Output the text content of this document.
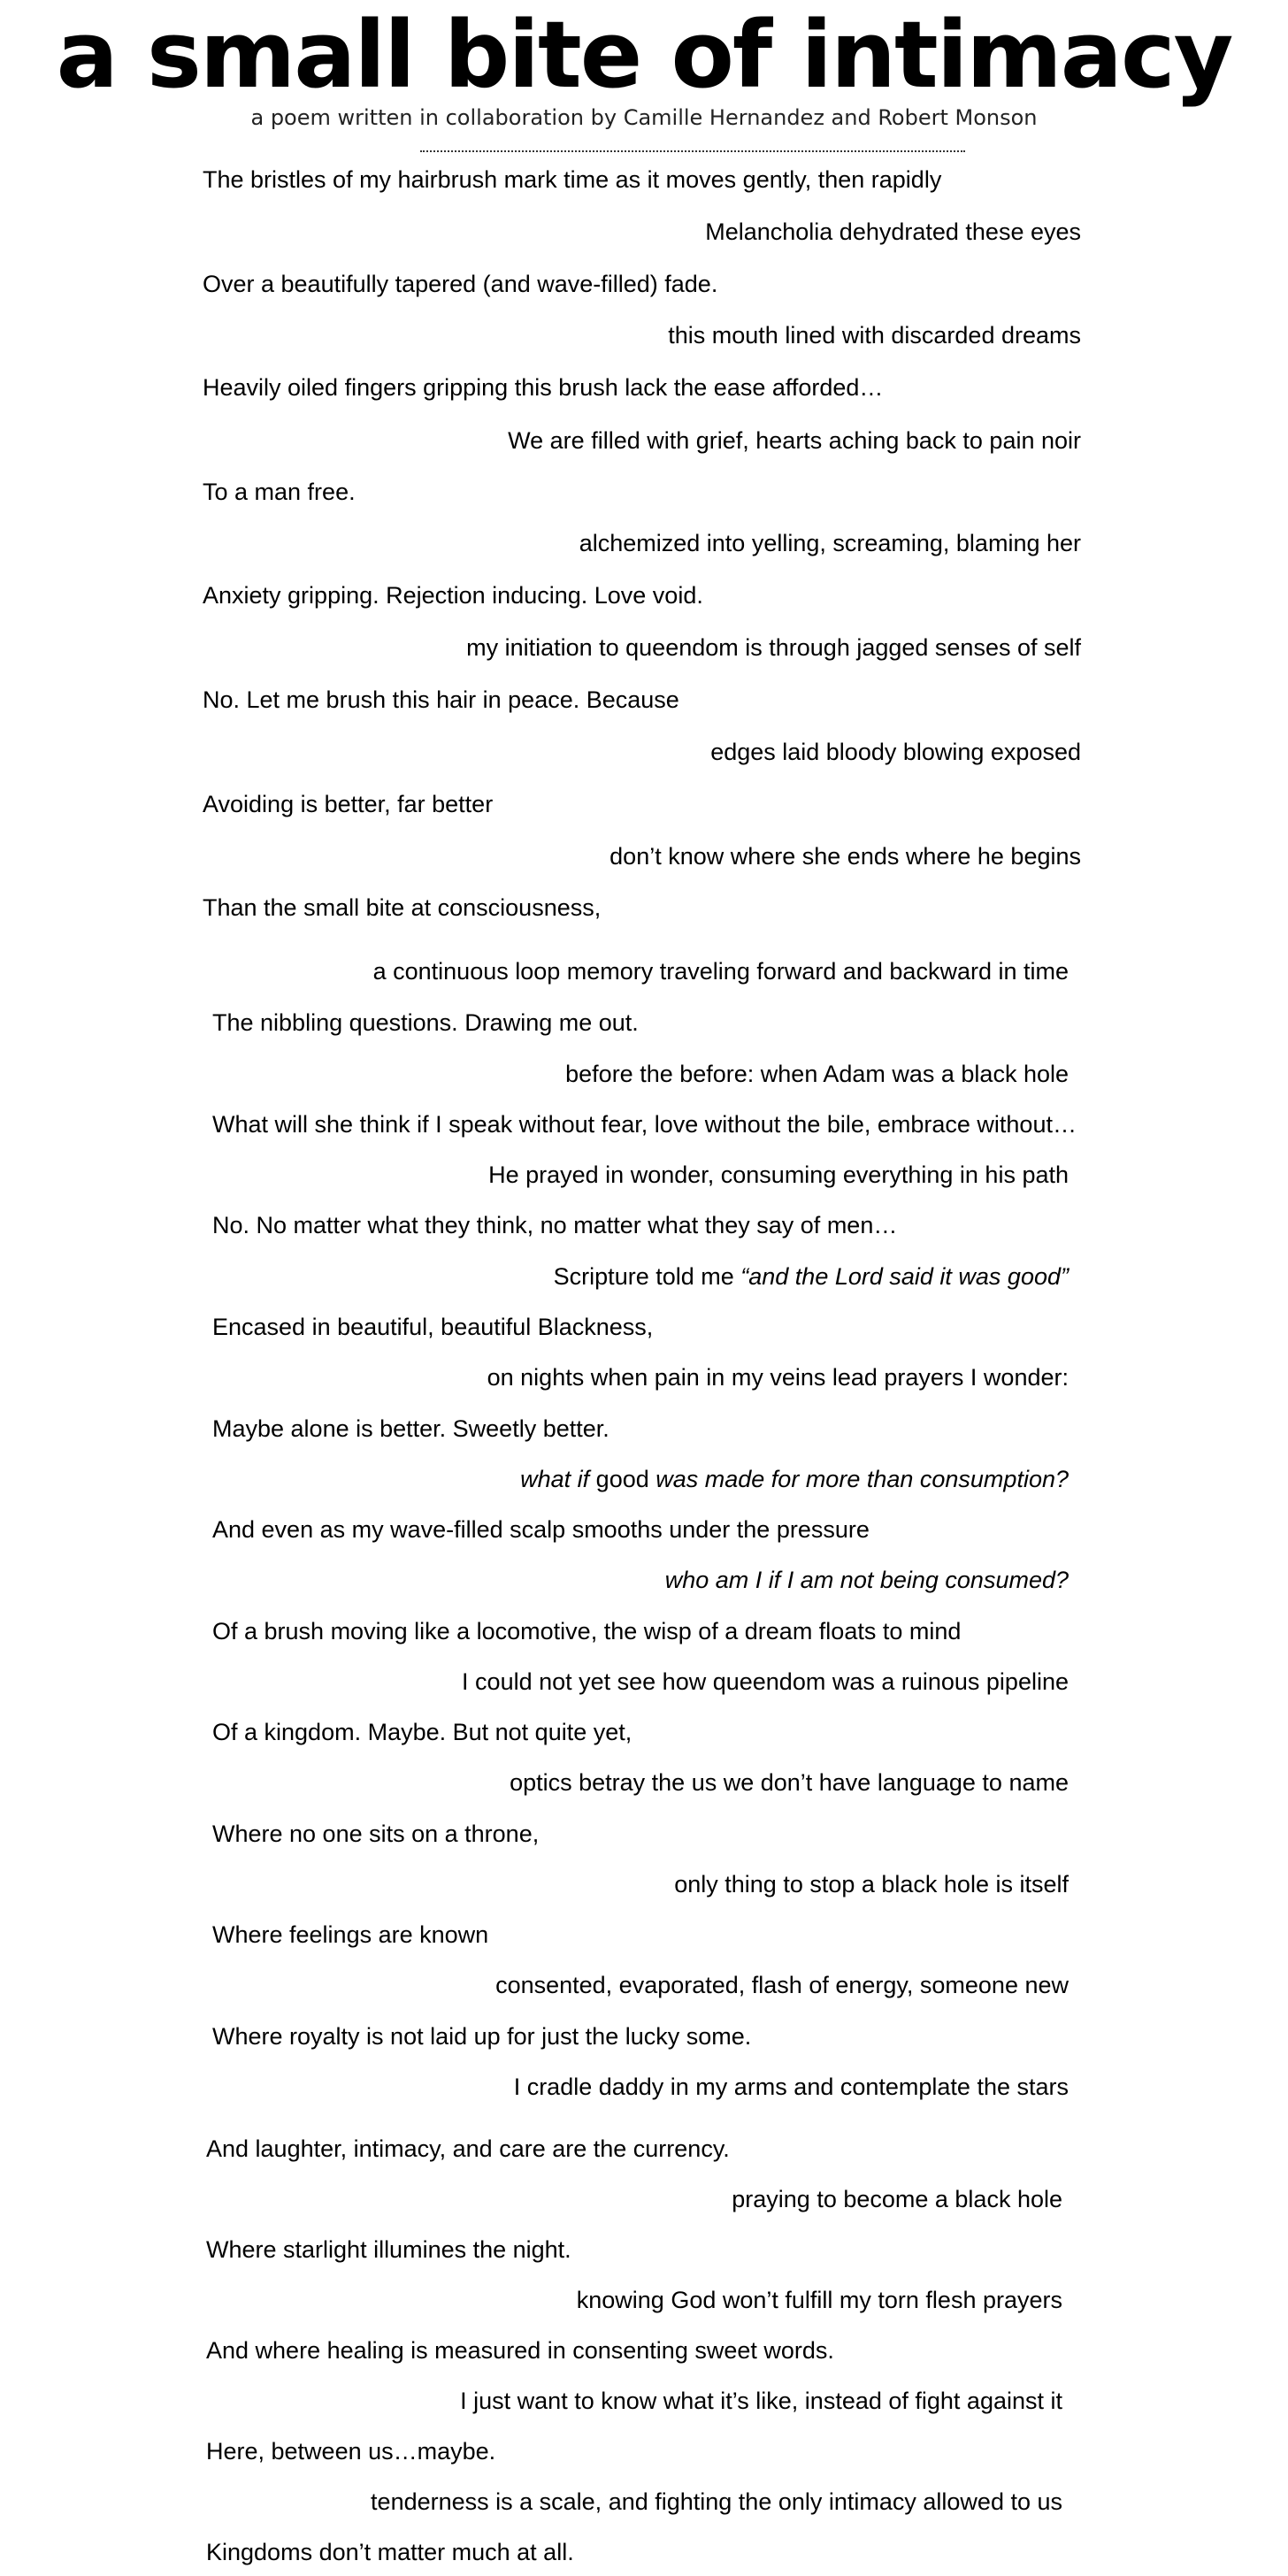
a small bite of intimacy
a poem written in collaboration by Camille Hernandez and Robert Monson
The bristles of my hairbrush mark time as it moves gently, then rapidly
Melancholia dehydrated these eyes
Over a beautifully tapered (and wave-filled) fade.
this mouth lined with discarded dreams
Heavily oiled fingers gripping this brush lack the ease afforded…
We are filled with grief, hearts aching back to pain noir
To a man free.
alchemized into yelling, screaming, blaming her
Anxiety gripping. Rejection inducing. Love void.
my initiation to queendom is through jagged senses of self
No. Let me brush this hair in peace. Because
edges laid bloody blowing exposed
Avoiding is better, far better
don’t know where she ends where he begins
Than the small bite at consciousness,
a continuous loop memory traveling forward and backward in time
The nibbling questions. Drawing me out.
before the before: when Adam was a black hole
What will she think if I speak without fear, love without the bile, embrace without…
He prayed in wonder, consuming everything in his path
No. No matter what they think, no matter what they say of men…
Scripture told me “and the Lord said it was good”
Encased in beautiful, beautiful Blackness,
on nights when pain in my veins lead prayers I wonder:
Maybe alone is better. Sweetly better.
what if good was made for more than consumption?
And even as my wave-filled scalp smooths under the pressure
who am I if I am not being consumed?
Of a brush moving like a locomotive, the wisp of a dream floats to mind
I could not yet see how queendom was a ruinous pipeline
Of a kingdom. Maybe. But not quite yet,
optics betray the us we don’t have language to name
Where no one sits on a throne,
only thing to stop a black hole is itself
Where feelings are known
consented, evaporated, flash of energy, someone new
Where royalty is not laid up for just the lucky some.
I cradle daddy in my arms and contemplate the stars
And laughter, intimacy, and care are the currency.
praying to become a black hole
Where starlight illumines the night.
knowing God won’t fulfill my torn flesh prayers
And where healing is measured in consenting sweet words.
I just want to know what it’s like, instead of fight against it
Here, between us…maybe.
tenderness is a scale, and fighting the only intimacy allowed to us
Kingdoms don’t matter much at all.
